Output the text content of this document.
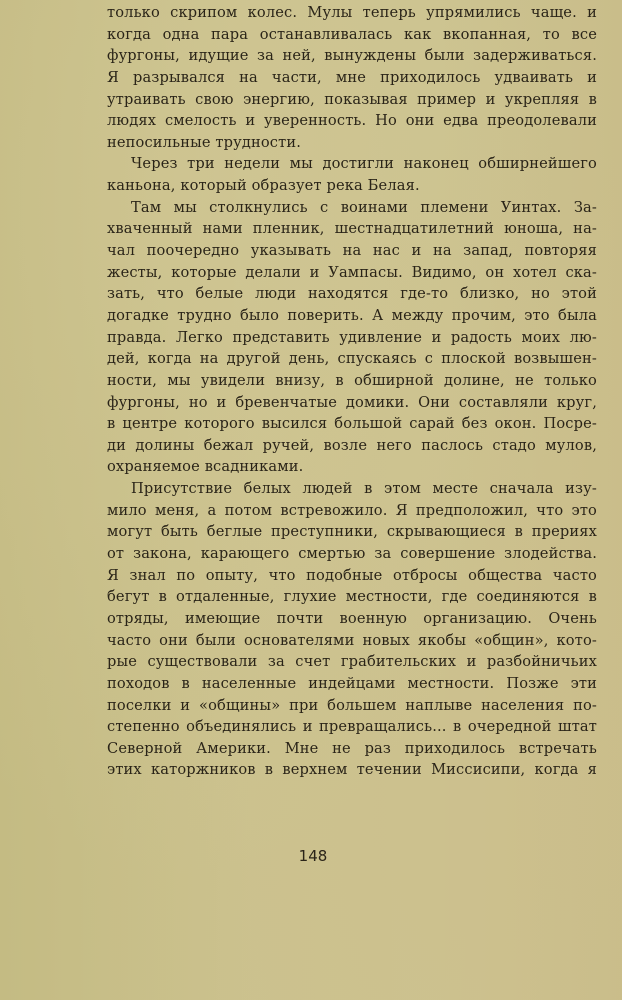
только скрипом колес. Мулы теперь упрямились чаще. и
когда одна пара останавливалась как вкопанная, то все
фургоны, идущие за ней, вынуждены были задерживаться.
Я разрывался на части, мне приходилось удваивать и
утраивать свою энергию, показывая пример и укрепляя в
людях смелость и уверенность. Но они едва преодолевали
непосильные трудности.
Через три недели мы достигли наконец обширнейшего
каньона, который образует река Белая.
Там мы столкнулись с воинами племени Уинтах. За-
хваченный нами пленник, шестнадцатилетний юноша, на-
чал поочередно указывать на нас и на запад, повторяя
жесты, которые делали и Уампасы. Видимо, он хотел ска-
зать, что белые люди находятся где-то близко, но этой
догадке трудно было поверить. А между прочим, это была
правда. Легко представить удивление и радость моих лю-
дей, когда на другой день, спускаясь с плоской возвышен-
ности, мы увидели внизу, в обширной долине, не только
фургоны, но и бревенчатые домики. Они составляли круг,
в центре которого высился большой сарай без окон. Посре-
ди долины бежал ручей, возле него паслось стадо мулов,
охраняемое всадниками.
Присутствие белых людей в этом месте сначала изу-
мило меня, а потом встревожило. Я предположил, что это
могут быть беглые преступники, скрывающиеся в прериях
от закона, карающего смертью за совершение злодейства.
Я знал по опыту, что подобные отбросы общества часто
бегут в отдаленные, глухие местности, где соединяются в
отряды, имеющие почти военную организацию. Очень
часто они были основателями новых якобы «общин», кото-
рые существовали за счет грабительских и разбойничьих
походов в населенные индейцами местности. Позже эти
поселки и «общины» при большем наплыве населения по-
степенно объединялись и превращались... в очередной штат
Северной Америки. Мне не раз приходилось встречать
этих каторжников в верхнем течении Миссисипи, когда я
148
